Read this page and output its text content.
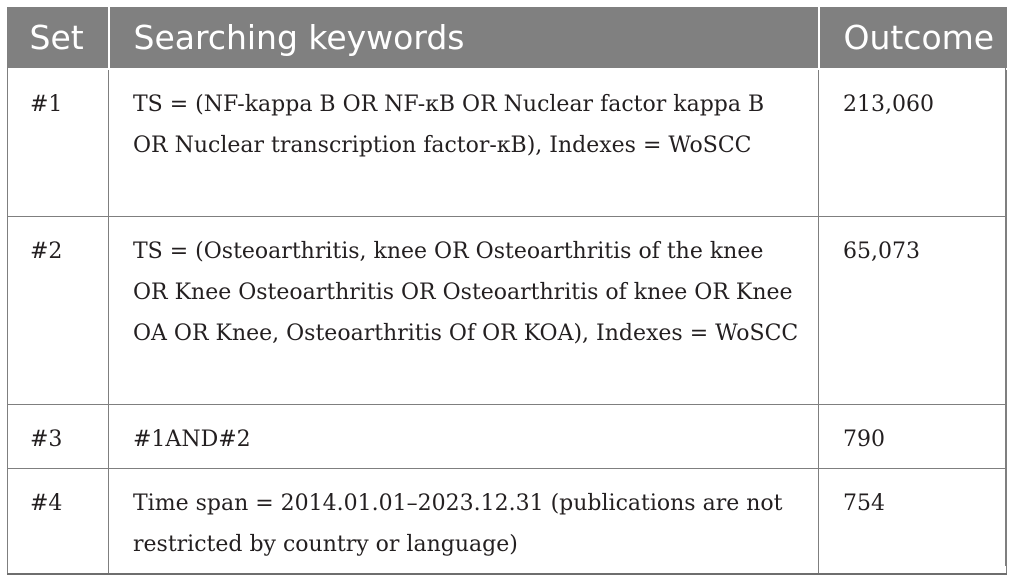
Set	Searching keywords	Outcome
#1	TS = (NF-kappa B OR NF-κB OR Nuclear factor kappa B OR Nuclear transcription factor-κB), Indexes = WoSCC	213,060
#2	TS = (Osteoarthritis, knee OR Osteoarthritis of the knee OR Knee Osteoarthritis OR Osteoarthritis of knee OR Knee OA OR Knee, Osteoarthritis Of OR KOA), Indexes = WoSCC	65,073
#3	#1AND#2	790
#4	Time span = 2014.01.01–2023.12.31 (publications are not restricted by country or language)	754
